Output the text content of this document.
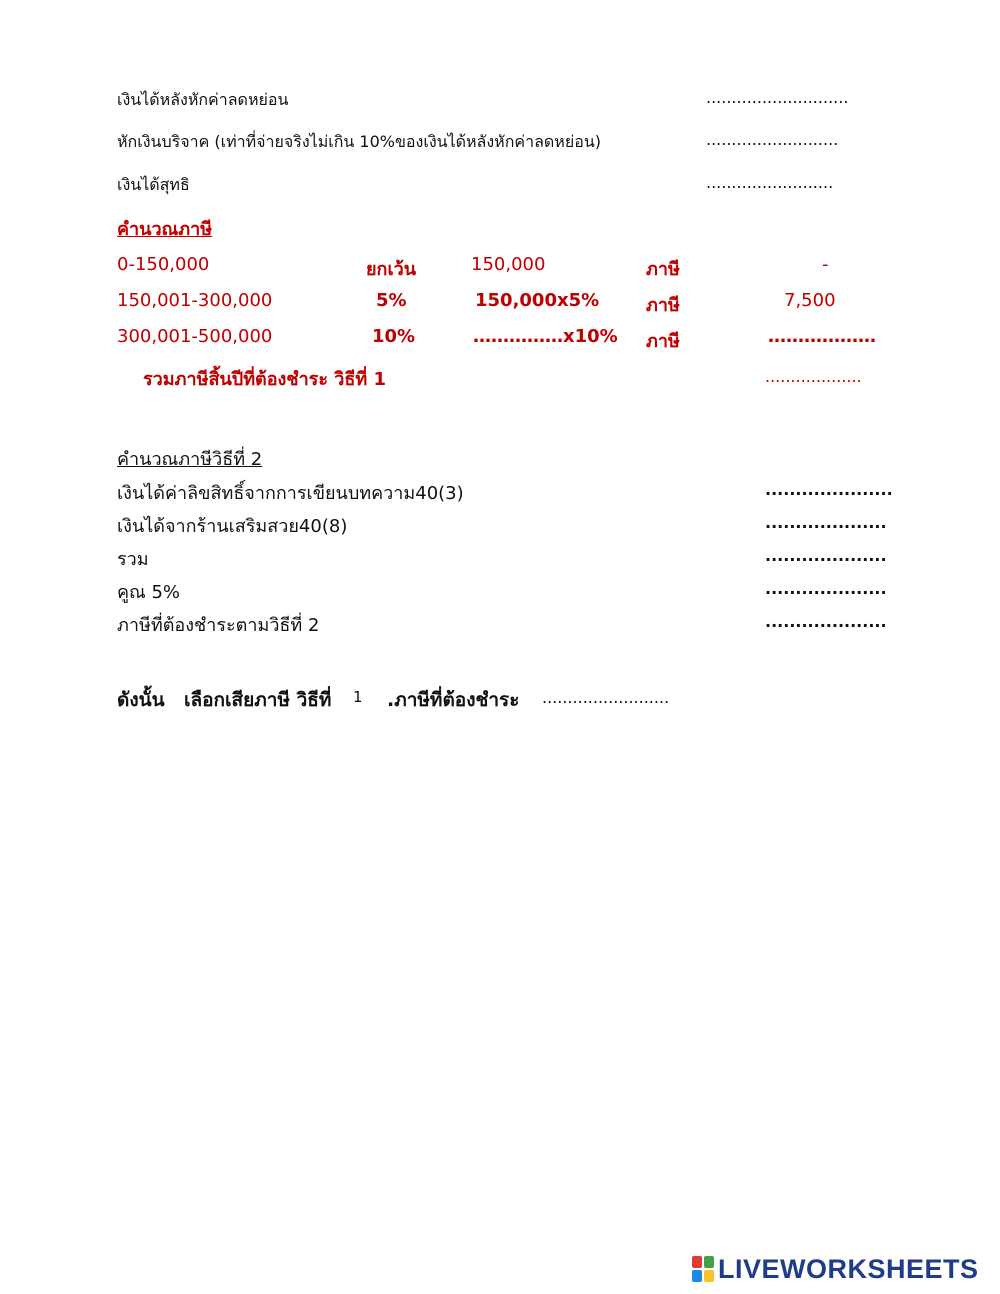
เงินได้หลังหักค่าลดหย่อน	............................
หักเงินบริจาค (เท่าที่จ่ายจริงไม่เกิน 10%ของเงินได้หลังหักค่าลดหย่อน)	..........................
เงินได้สุทธิ	.........................
คำนวณภาษี
0-150,000	ยกเว้น	150,000	ภาษี	-
150,001-300,000	5%	150,000x5%	ภาษี	7,500
300,001-500,000	10%	……………x10% ภาษี	………………
รวมภาษีสิ้นปีที่ต้องชำระ วิธีที่ 1	...................
คำนวณภาษีวิธีที่ 2
เงินได้ค่าลิขสิทธิ์จากการเขียนบทความ40(3)	.....................
เงินได้จากร้านเสริมสวย40(8)	....................
รวม	....................
คูณ 5%	....................
ภาษีที่ต้องชำระตามวิธีที่ 2	....................
ดังนั้น เลือกเสียภาษี วิธีที่ 1 .ภาษีที่ต้องชำระ .........................
LIVEWORKSHEETS
